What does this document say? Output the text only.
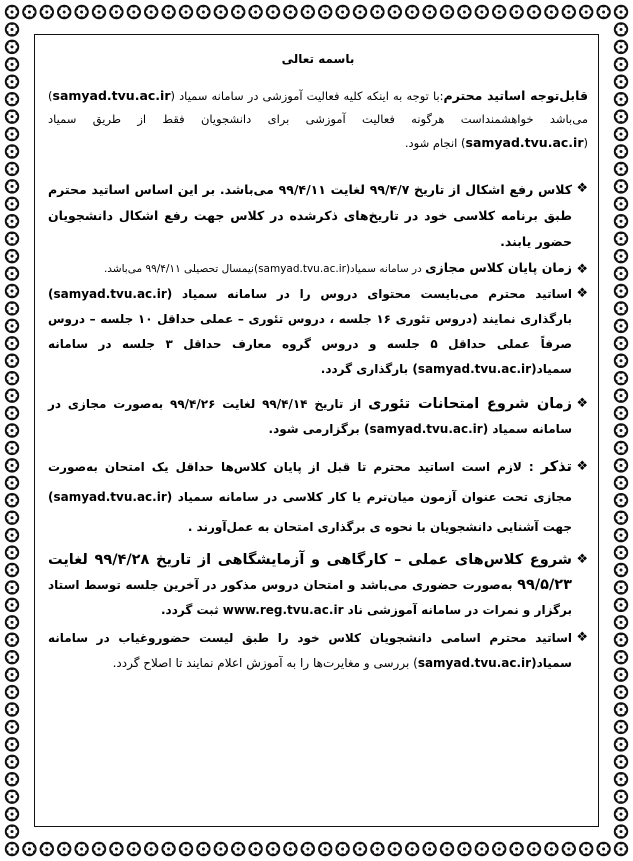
باسمه تعالی

قابل‌توجه اساتید محترم:با توجه به اینکه کلیه فعالیت آموزشی در سامانه سمیاد (samyad.tvu.ac.ir) می‌باشد خواهشمنداست هرگونه فعالیت آموزشی برای دانشجویان فقط از طریق سمیاد (samyad.tvu.ac.ir) انجام شود.

❖
کلاس رفع اشکال از تاریخ ۹۹/۴/۷ لغایت ۹۹/۴/۱۱ می‌باشد. بر این اساس اساتید محترم طبق برنامه کلاسی خود در تاریخ‌های ذکرشده در کلاس جهت رفع اشکال دانشجویان حضور یابند.

❖
زمان پایان کلاس مجازی در سامانه سمیاد(samyad.tvu.ac.ir)نیمسال تحصیلی ۹۹/۴/۱۱ می‌باشد.

❖
اساتید محترم می‌بایست محتوای دروس را در سامانه سمیاد (samyad.tvu.ac.ir) بارگذاری نمایند (دروس تئوری ۱۶ جلسه ، دروس تئوری – عملی حداقل ۱۰ جلسه – دروس صرفاً عملی حداقل ۵ جلسه و دروس گروه معارف حداقل ۳ جلسه در سامانه سمیاد(samyad.tvu.ac.ir) بارگذاری گردد.

❖
زمان شروع امتحانات تئوری از تاریخ ۹۹/۴/۱۴ لغایت ۹۹/۴/۲۶ به‌صورت مجازی در سامانه سمیاد (samyad.tvu.ac.ir) برگزارمی شود.

❖
تذکر : لازم است اساتید محترم تا قبل از پایان کلاس‌ها حداقل یک امتحان به‌صورت مجازی تحت عنوان آزمون میان‌ترم یا کار کلاسی در سامانه سمیاد (samyad.tvu.ac.ir) جهت آشنایی دانشجویان با نحوه ی برگذاری امتحان به عمل‌آورند .

❖
شروع کلاس‌های عملی – کارگاهی و آزمایشگاهی از تاریخ ۹۹/۴/۲۸ لغایت ۹۹/۵/۲۳ به‌صورت حضوری می‌باشد و امتحان دروس مذکور در آخرین جلسه توسط استاد برگزار و نمرات در سامانه آموزشی ناد www.reg.tvu.ac.ir ثبت گردد.

❖
اساتید محترم اسامی دانشجویان کلاس خود را طبق لیست حضوروغیاب در سامانه سمیاد(samyad.tvu.ac.ir) بررسی و مغایرت‌ها را به آموزش اعلام نمایند تا اصلاح گردد.
